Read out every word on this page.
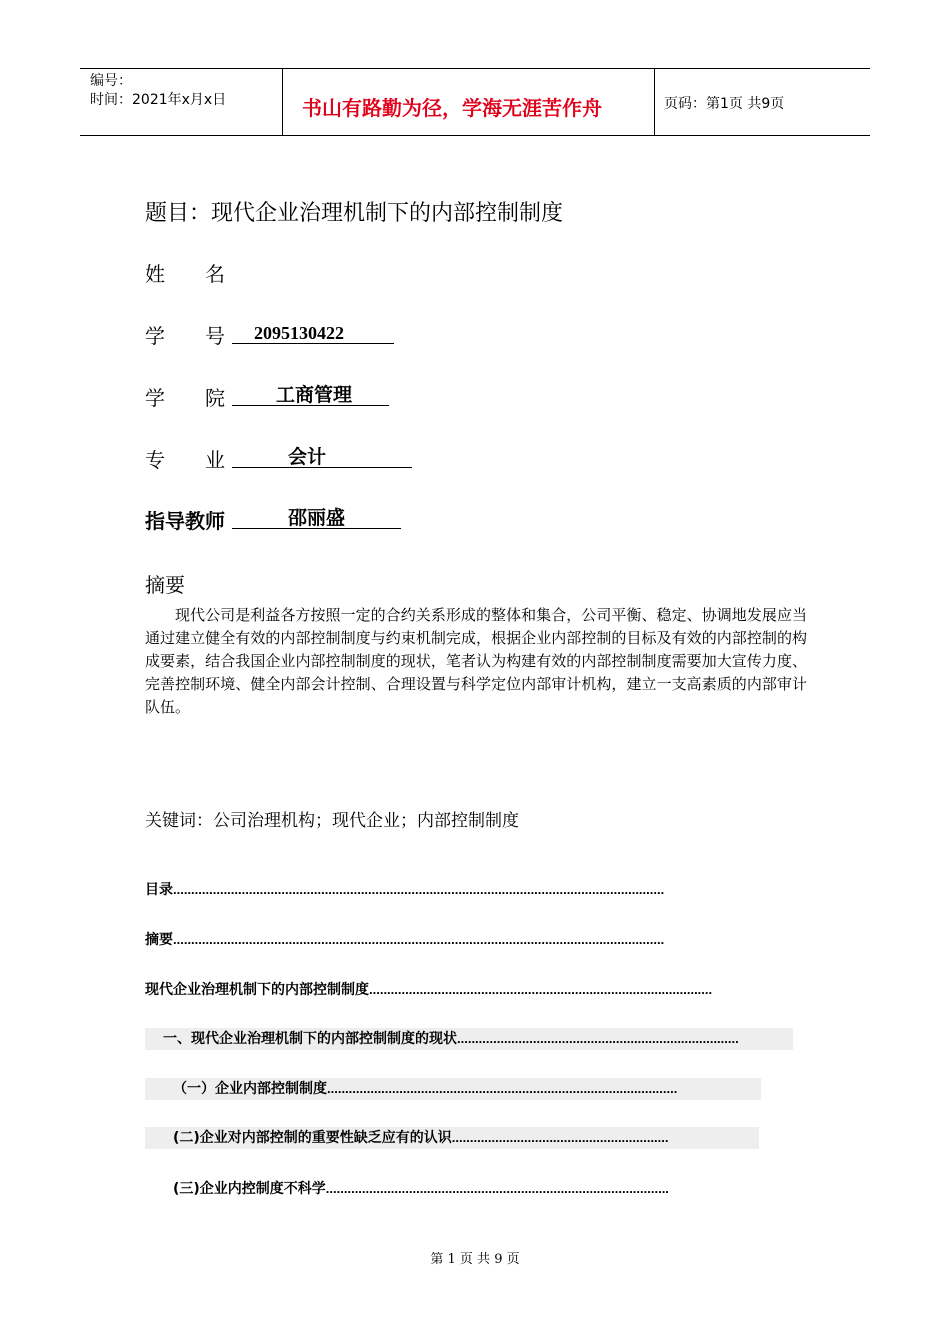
编号：
时间：2021年x月x日	书山有路勤为径，学海无涯苦作舟	页码：第1页 共9页
题目：现代企业治理机制下的内部控制制度
姓　　名
学　　号	2095130422
学　　院	工商管理
专　　业	会计
指导教师	邵丽盛
摘要
现代公司是利益各方按照一定的合约关系形成的整体和集合，公司平衡、稳定、协调地发展应当通过建立健全有效的内部控制制度与约束机制完成，根据企业内部控制的目标及有效的内部控制的构成要素，结合我国企业内部控制制度的现状，笔者认为构建有效的内部控制制度需要加大宣传力度、完善控制环境、健全内部会计控制、合理设置与科学定位内部审计机构，建立一支高素质的内部审计队伍。
关键词：公司治理机构；现代企业；内部控制制度
目录........................................................................................................................................
摘要........................................................................................................................................
现代企业治理机制下的内部控制制度...............................................................................................
一、现代企业治理机制下的内部控制制度的现状..............................................................................
（一）企业内部控制制度.................................................................................................
(二)企业对内部控制的重要性缺乏应有的认识............................................................
(三)企业内控制度不科学...............................................................................................
第 1 页 共 9 页
